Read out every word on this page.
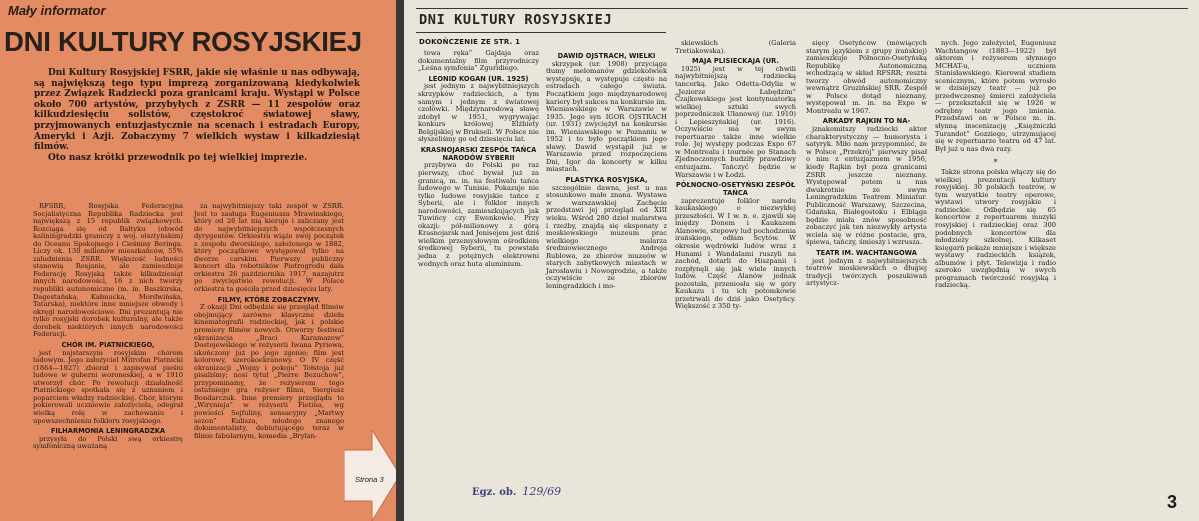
Mały informator
DNI KULTURY ROSYJSKIEJ

Dni Kultury Rosyjskiej FSRR, jakie się właśnie u nas odbywają, są największą tego typu imprezą zorganizowaną kiedykolwiek przez Związek Radziecki poza granicami kraju. Wystąpi w Polsce około 700 artystów, przybyłych z ZSRR — 11 zespołów oraz kilkudziesięciu solistów, częstokroć światowej sławy, przyjmowanych entuzjastycznie na scenach i estradach Europy, Ameryki i Azji. Zobaczymy 7 wielkich wystaw i kilkadziesiąt filmów.

Oto nasz krótki przewodnik po tej wielkiej imprezie.

RFSRR, Rosyjska Federacyjna Socjalistyczna Republika Radziecka jest największą z 15 republik związkowych. Rozciąga się od Bałtyku (obwód kaliningradzki graniczy z woj. olsztyńskim) do Oceanu Spokojnego i Cieśniny Beringa. Liczy ok. 130 milionów mieszkańców, 55% zaludnienia ZSRR. Większość ludności stanowią Rosjanie, ale zamieszkuje Federację Rosyjską także kilkadziesiąt innych narodowości, 16 z nich tworzy republiki autonomiczne (m. in. Baszkirska, Dagestańska, Kałmucka, Mordwińska, Tatarska), niektóre inne mniejsze obwody i okręgi narodowościowe. Dni prezentują nie tylko rosyjski dorobek kulturalny, ale także dorobek niektórych innych narodowości Federacji.

CHÓR IM. PIATNICKIEGO,

jest najstarszym rosyjskim chórem ludowym. Jego założyciel Mitrofan Piatnicki (1864—1927) zbierał i zapisywał pieśni ludowe w guberni woroneskiej, a w 1910 utworzył chór. Po rewolucji działalność Piatnickiego spotkała się z uznaniem i poparciem władzy radzieckiej. Chór, którym pokierowali uczniowie założyciela, odegrał wielką rolę w zachowaniu i upowszechnieniu folkloru rosyjskiego.

FILHARMONIA LENINGRADZKA

przysyła do Polski swą orkiestrę symfoniczną uważaną

za najwybitniejszy taki zespół w ZSRR. Jest to zasługa Eugeniusza Mrawinskiego, który od 26 lat nią kieruje i zaliczany jest do najwybitniejszych współczesnych dyrygentów. Orkiestra wiąże swój początek z zespołu dworskiego, założonego w 1882, który początkowo występował tylko na dworze carskim. Pierwszy publiczny koncert dla robotników Piotrogrodu dała orkiestra 26 października 1917, nazajutrz po zwycięstwie rewolucji. W Polsce orkiestra ta gościła przed dziesięciu laty.

FILMY, KTÓRE ZOBACZYMY.

Z okazji Dni odbędzie się przegląd filmów obejmujący zarówno klasyczne dzieła kinematografii radzieckiej, jak i polskie premiery filmów nowych. Otworzy festiwal ekranizacja „Braci Karamazow” Dostojewskiego w reżyserii Iwana Pyriewa, ukończony już po jego zgonie; film jest kolorowy, szerokoekranowy. O IV część ekranizacji „Wojny i pokoju” Tołstoja już pisaliśmy; nosi tytuł „Pierre Bezuchow”, przypominamy, że reżyserem tego ostatniego gra reżyser filmu, Siergiusz Bondarczuk. Inne premiery przeglądu to „Wirynieja” w reżyserii Fietina, wg powieści Sejfuliny, sensacyjny „Martwy sezon” Kulisza, młodego znanego dokumentalisty, debiutującego teraz w filmie fabularnym, komedia „Brylan-

Strona 3
DNI KULTURY ROSYJSKIEJ
DOKOŃCZENIE ZE STR. 1

towa ręka” Gajdaja oraz dokumentalny film przyrodniczy „Leśna symfonia” Zguridiego.

LEONID KOGAN (UR. 1925)

jest jednym z najwybitniejszych skrzypków radzieckich, a tym samym i jednym z światowej czołówki. Międzynarodową sławę zdobył w 1951, wygrywając konkurs królowej Elżbiety Belgijskiej w Brukseli. W Polsce nie słyszeliśmy go od dziesięciu lat.

KRASNOJARSKI ZESPÓŁ TAŃCA NARODÓW SYBERII

przybywa do Polski po raz pierwszy, choć bywał już za granicą, m. in. na festiwalu tańca ludowego w Tunisie. Pokazuje nie tylko ludowe rosyjskie tańce z Syberii, ale i folklor innych narodowości, zamieszkujących jak Tuwińcy czy Ewenkowie. Przy okazji: pół-milionowy z górą Krasnojarsk nad Jenisejem jest dziś wielkim przemysłowym ośrodkiem środkowej Syberii, tu powstała jedna z potężnych elektrowni wodnych oraz huta aluminium.

DAWID OJSTRACH, WIELKI

skrzypek (ur. 1908) przyciąga tłumy melomanów gdziekolwiek występuje, a występuje często na estradach całego świata. Początkiem jego międzynarodowej kariery był sukces na konkursie im. Wieniawskiego w Warszawie w 1935. Jego syn IGOR OJSTRACH (ur. 1931) zwyciężył na konkursie im. Wieniawskiego w Poznaniu w 1952 i to było początkiem jego sławy. Dawid wystąpił już w Warszawie przed rozpoczęciem Dni, Igor da koncerty w kilku miastach.

PLASTYKA ROSYJSKA,

szczególnie dawna, jest u nas stosunkowo mało znana. Wystawa w warszawskiej Zachęcie przedstawi jej przegląd od XIII wieku. Wśród 280 dzieł malarstwa i rzeźby, znajdą się eksponaty z moskiewskiego muzeum prac wielkiego malarza średniowiecznego Andreja Rublowa, ze zbiorów muzeów w starych zabytkowych miastach w Jarosławiu i Nowogrodzie, a także oczywiście ze zbiorów leningradzkich i mo-

skiewskich (Galeria Tretiakowska).

MAJA PLISIECKAJA (UR.

1925) jest w tej chwili najwybitniejszą radziecką tancerką. Jako Odetta-Odylia w „Jeziorze Łabędzim” Czajkowskiego jest kontynuatorką wielkiej sztuki swych poprzedniczek Ułanowej (ur. 1910) i Lepieszyńskiej (ur. 1916). Oczywiście ma w swym repertuarze także inne wielkie role. Jej występy podczas Expo 67 w Montrealu i tournée po Stanach Zjednoczonych budziły prawdziwy entuzjazm. Tańczyć będzie w Warszawie i w Łodzi.

PÓŁNOCNO-OSETYŃSKI ZESPÓŁ TAŃCA

zaprezentuje folklor narodu kaukaskiego o niezwykłej przeszłości. W I w. n. e. zjawili się między Donem i Kaukazem Alanowie, stepowy lud pochodzenia irańskiego, odłam Scytów. W okresie wędrówki ludów wraz z Hunami i Wandalami ruszyli na zachód, dotarli do Hiszpanii i rozpłynęli się jak wiele innych ludów. Część Alanów jednak pozostała, przeniosła się w góry Kaukazu i tu ich potomkowie przetrwali do dziś jako Osetyńcy. Większość z 350 ty-

sięcy Osetyńców (mówiących starym językiem z grupy irańskiej) zamieszkuje Północno-Osetyńską Republikę Autonomiczną wchodzącą w skład RFSRR; reszta tworzy obwód autonomiczny wewnątrz Gruzińskiej SRR. Zespół w Polsce dotąd nieznany, występował m. in. na Expo w Montrealu w 1967.

ARKADY RAJKIN TO NA-

jznakomitszy radziecki aktor charakterystyczny — humorysta i satyryk. Miło nam przypomnieć, że w Polsce „Przekrój” pierwszy pisał o nim z entuzjazmem w 1956, kiedy Rajkin był poza granicami ZSRR jeszcze nieznany. Występował potem u nas dwukrotnie ze swym Leningradzkim Teatrem Miniatur. Publiczność Warszawy, Szczecina, Gdańska, Białegostoku i Elbląga będzie miała znów sposobność zobaczyć jak ten niezwykły artysta wciela się w różne postacie, gra, śpiewa, tańczy, śmieszy i wzrusza.

TEATR IM. WACHTANGOWA

jest jednym z najwybitniejszych teatrów moskiewskich o długiej tradycji twórczych poszukiwań artystycz-

nych. Jego założyciel, Eugeniusz Wachtangow (1883—1922) był aktorem i reżyserem słynnego MCHAT-u, uczniem Stanisławskiego. Kierował studiem scenicznym, które potem wyrosło w dzisiejszy teatr — już po przedwczesnej śmierci założyciela — przekształcił się w 1926 w odrębny teatr jego imienia. Przedstawi on w Polsce m. in. słynną inscenizację „Księżniczki Turandot” Gozziego, utrzymującej się w repertuarze teatru od 47 lat. Był już u nas dwa razy.

*

Także strona polska włączy się do wielkiej prezentacji kultury rosyjskiej. 30 polskich teatrów, w tym wszystkie teatry operowe, wystawi utwory rosyjskie i radzieckie. Odbędzie się 65 koncertów z repertuarem muzyki rosyjskiej i radzieckiej oraz 300 podobnych koncertów dla młodzieży szkolnej. Kilkaset księgarń pokaże mniejsze i większe wystawy radzieckich książek, albumów i płyt. Telewizja i radio szeroko uwzględnią w swych programach twórczość rosyjską i radziecką.

Egz. ob. 129/69
3
